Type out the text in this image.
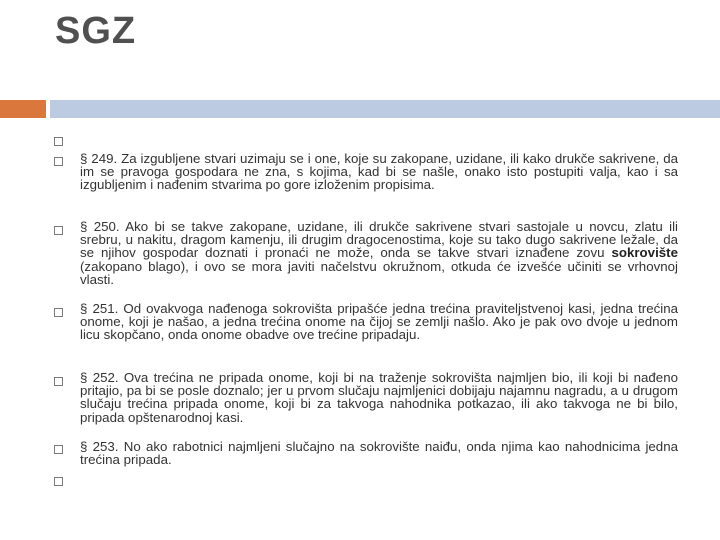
SGZ
§ 249. Za izgubljene stvari uzimaju se i one, koje su zakopane, uzidane, ili kako drukče sakrivene, da im se pravoga gospodara ne zna, s kojima, kad bi se našle, onako isto postupiti valja, kao i sa izgubljenim i nađenim stvarima po gore izloženim propisima.
§ 250. Ako bi se takve zakopane, uzidane, ili drukče sakrivene stvari sastojale u novcu, zlatu ili srebru, u nakitu, dragom kamenju, ili drugim dragocenostima, koje su tako dugo sakrivene ležale, da se njihov gospodar doznati i pronaći ne može, onda se takve stvari iznađene zovu sokrovište (zakopano blago), i ovo se mora javiti načelstvu okružnom, otkuda će izvešće učiniti se vrhovnoj vlasti.
§ 251. Od ovakvoga nađenoga sokrovišta pripašće jedna trećina praviteljstvenoj kasi, jedna trećina onome, koji je našao, a jedna trećina onome na čijoj se zemlji našlo. Ako je pak ovo dvoje u jednom licu skopčano, onda onome obadve ove trećine pripadaju.
§ 252. Ova trećina ne pripada onome, koji bi na traženje sokrovišta najmljen bio, ili koji bi nađeno pritajio, pa bi se posle doznalo; jer u prvom slučaju najmljenici dobijaju najamnu nagradu, a u drugom slučaju trećina pripada onome, koji bi za takvoga nahodnika potkazao, ili ako takvoga ne bi bilo, pripada opštenarodnoj kasi.
§ 253. No ako rabotnici najmljeni slučajno na sokrovište naiđu, onda njima kao nahodnicima jedna trećina pripada.
